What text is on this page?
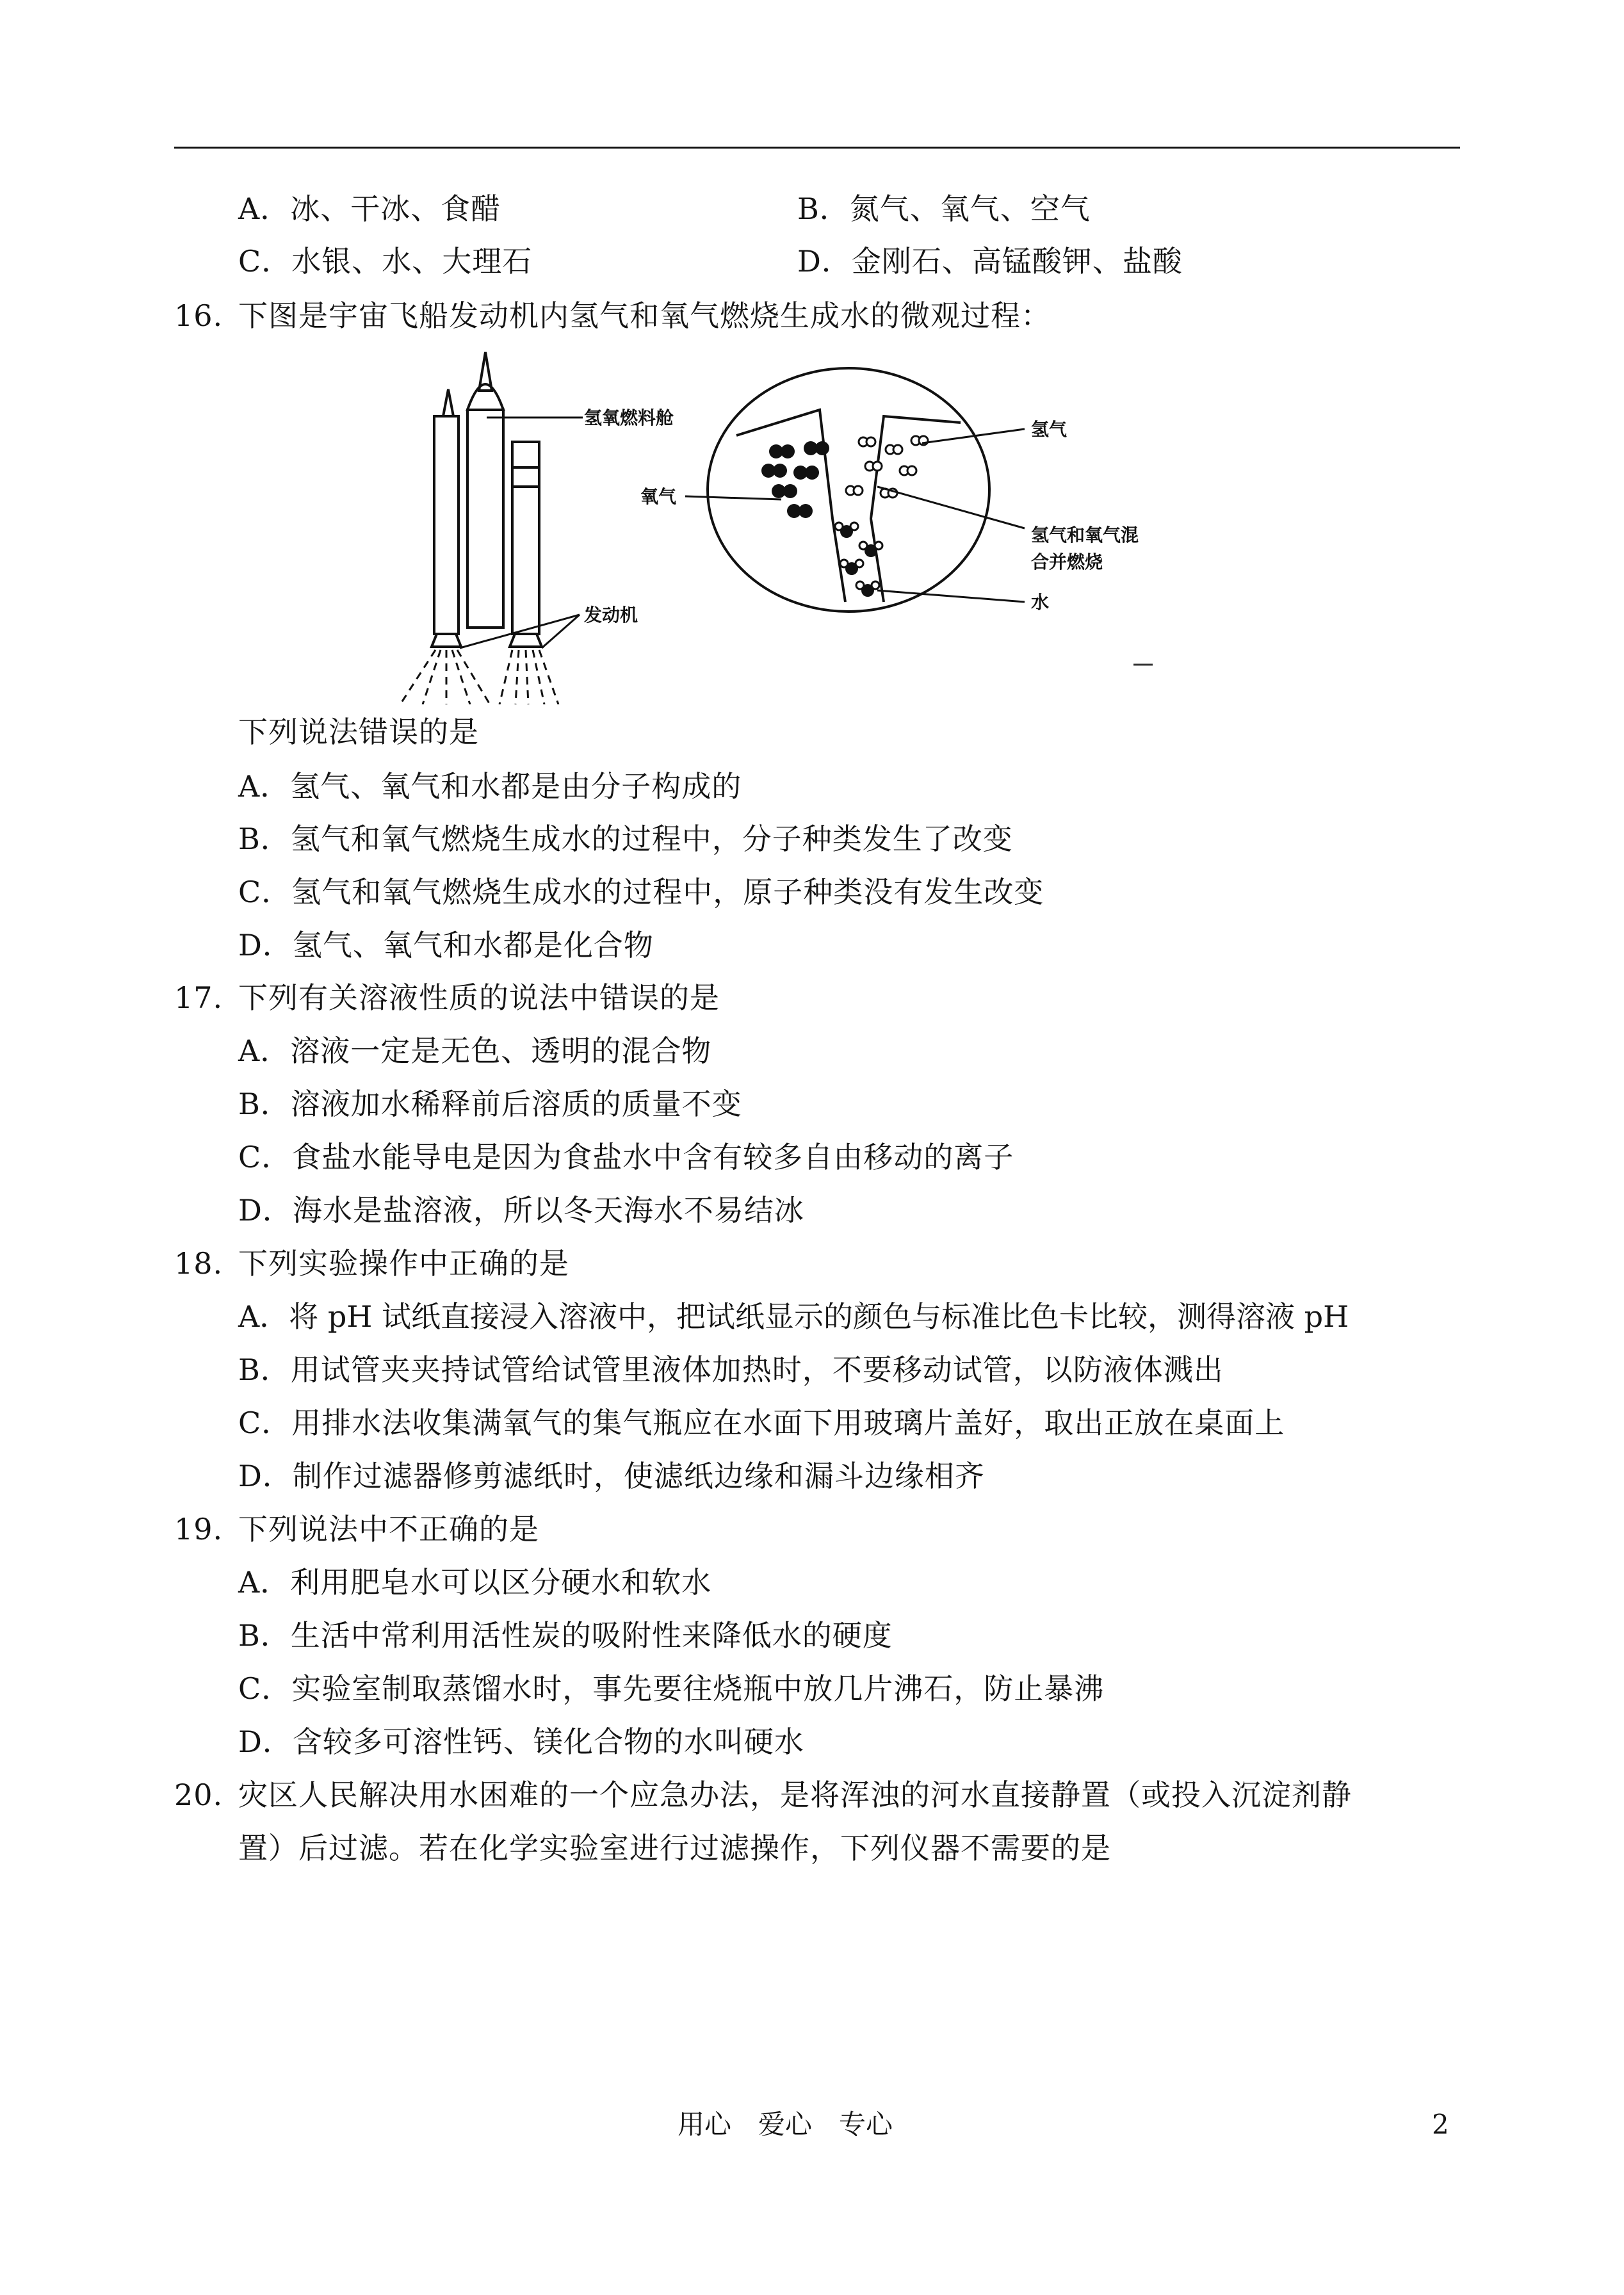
A．冰、干冰、食醋	B．氮气、氧气、空气
C．水银、水、大理石	D．金刚石、高锰酸钾、盐酸
16. 下图是宇宙飞船发动机内氢气和氧气燃烧生成水的微观过程：
氢氧燃料舱
发动机
氧气
氢气
氢气和氧气混
合并燃烧
水
下列说法错误的是
A．氢气、氧气和水都是由分子构成的
B．氢气和氧气燃烧生成水的过程中，分子种类发生了改变
C．氢气和氧气燃烧生成水的过程中，原子种类没有发生改变
D．氢气、氧气和水都是化合物
17. 下列有关溶液性质的说法中错误的是
A．溶液一定是无色、透明的混合物
B．溶液加水稀释前后溶质的质量不变
C．食盐水能导电是因为食盐水中含有较多自由移动的离子
D．海水是盐溶液，所以冬天海水不易结冰
18. 下列实验操作中正确的是
A．将 pH 试纸直接浸入溶液中，把试纸显示的颜色与标准比色卡比较，测得溶液 pH
B．用试管夹夹持试管给试管里液体加热时，不要移动试管，以防液体溅出
C．用排水法收集满氧气的集气瓶应在水面下用玻璃片盖好，取出正放在桌面上
D．制作过滤器修剪滤纸时，使滤纸边缘和漏斗边缘相齐
19. 下列说法中不正确的是
A．利用肥皂水可以区分硬水和软水
B．生活中常利用活性炭的吸附性来降低水的硬度
C．实验室制取蒸馏水时，事先要往烧瓶中放几片沸石，防止暴沸
D．含较多可溶性钙、镁化合物的水叫硬水
20. 灾区人民解决用水困难的一个应急办法，是将浑浊的河水直接静置（或投入沉淀剂静
置）后过滤。若在化学实验室进行过滤操作，下列仪器不需要的是
用心　爱心　专心	2
